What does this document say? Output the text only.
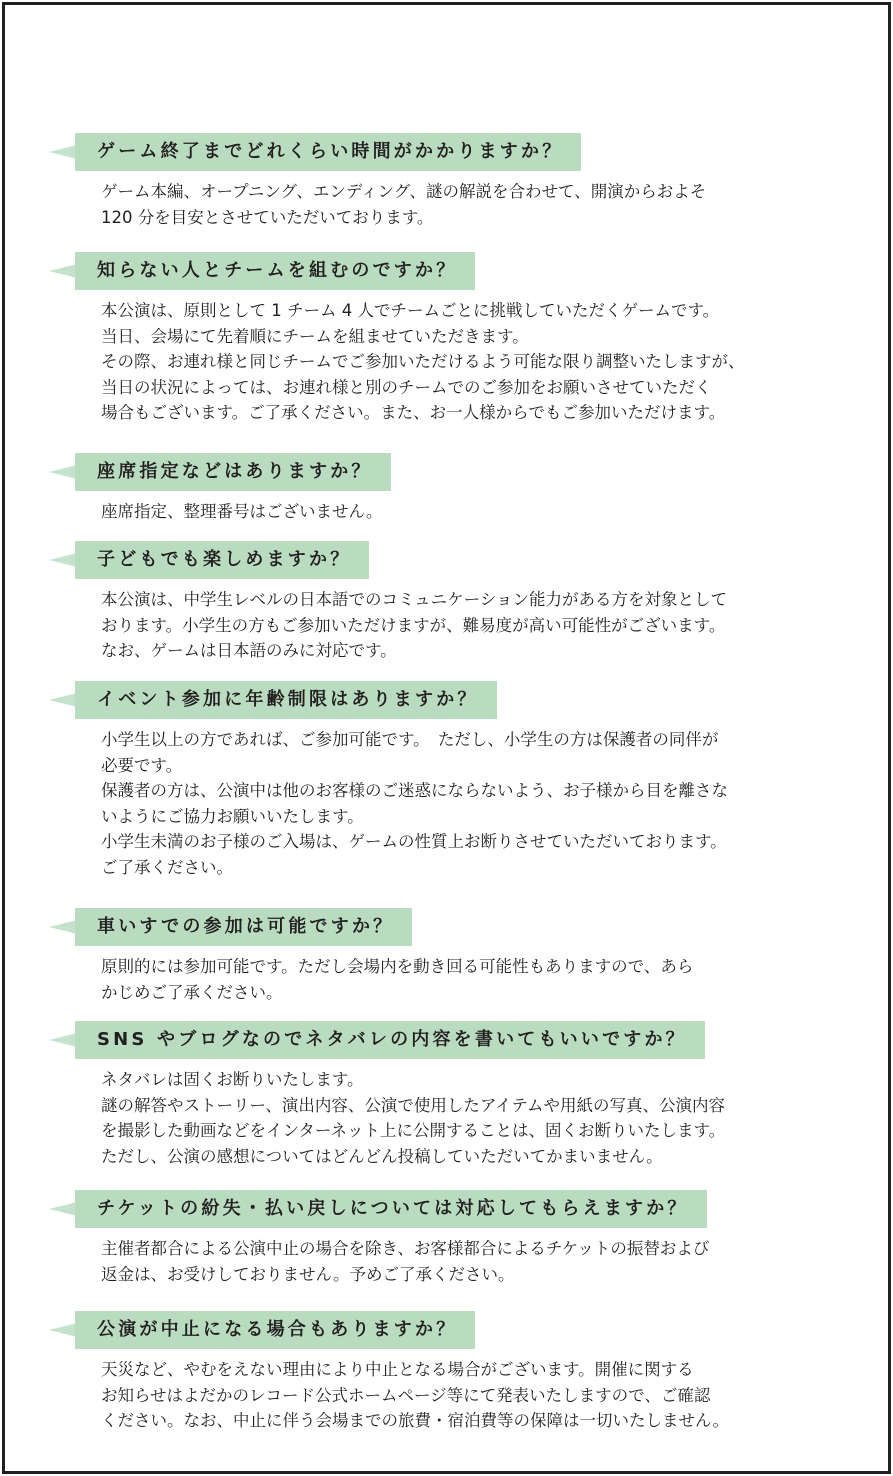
ゲーム終了までどれくらい時間がかかりますか？

ゲーム本編、オープニング、エンディング、謎の解説を合わせて、開演からおよそ

120 分を目安とさせていただいております。

知らない人とチームを組むのですか？

本公演は、原則として 1 チーム 4 人でチームごとに挑戦していただくゲームです。

当日、会場にて先着順にチームを組ませていただきます。

その際、お連れ様と同じチームでご参加いただけるよう可能な限り調整いたしますが、

当日の状況によっては、お連れ様と別のチームでのご参加をお願いさせていただく

場合もございます。ご了承ください。また、お一人様からでもご参加いただけます。

座席指定などはありますか？

座席指定、整理番号はございません。

子どもでも楽しめますか？

本公演は、中学生レベルの日本語でのコミュニケーション能力がある方を対象として

おります。小学生の方もご参加いただけますが、難易度が高い可能性がございます。

なお、ゲームは日本語のみに対応です。

イベント参加に年齢制限はありますか？

小学生以上の方であれば、ご参加可能です。　ただし、小学生の方は保護者の同伴が

必要です。

保護者の方は、公演中は他のお客様のご迷惑にならないよう、お子様から目を離さな

いようにご協力お願いいたします。

小学生未満のお子様のご入場は、ゲームの性質上お断りさせていただいております。

ご了承ください。

車いすでの参加は可能ですか？

原則的には参加可能です。ただし会場内を動き回る可能性もありますので、あら

かじめご了承ください。

SNS やブログなのでネタバレの内容を書いてもいいですか？

ネタバレは固くお断りいたします。

謎の解答やストーリー、演出内容、公演で使用したアイテムや用紙の写真、公演内容

を撮影した動画などをインターネット上に公開することは、固くお断りいたします。

ただし、公演の感想についてはどんどん投稿していただいてかまいません。

チケットの紛失・払い戻しについては対応してもらえますか？

主催者都合による公演中止の場合を除き、お客様都合によるチケットの振替および

返金は、お受けしておりません。予めご了承ください。

公演が中止になる場合もありますか？

天災など、やむをえない理由により中止となる場合がございます。開催に関する

お知らせはよだかのレコード公式ホームページ等にて発表いたしますので、ご確認

ください。なお、中止に伴う会場までの旅費・宿泊費等の保障は一切いたしません。
